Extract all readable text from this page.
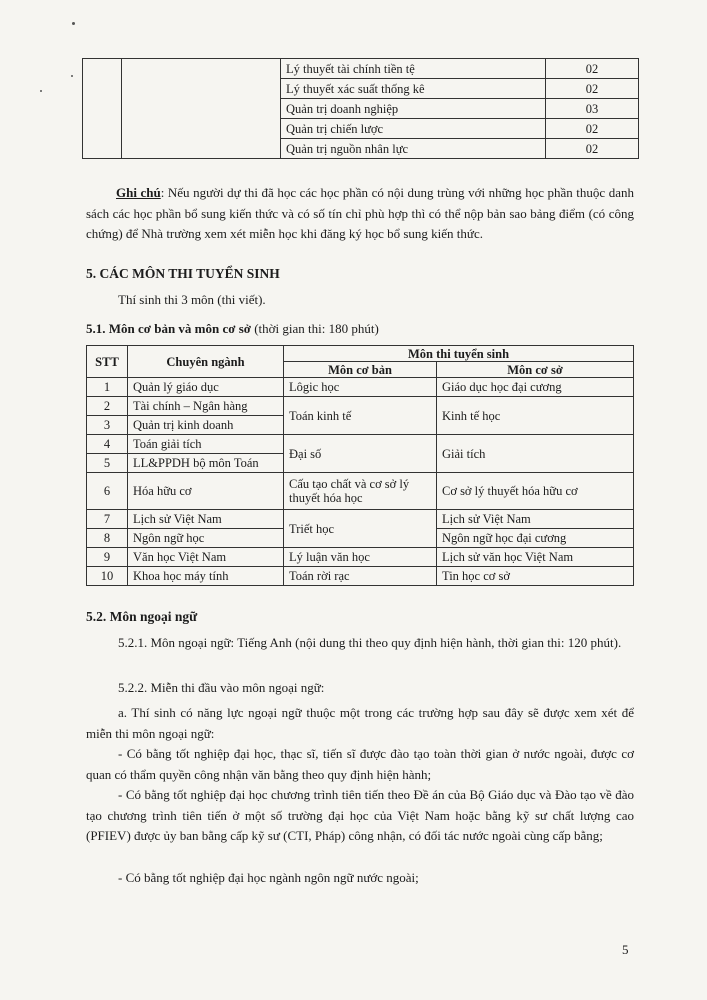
		Lý thuyết tài chính tiền tệ	02
		Lý thuyết xác suất thống kê	02
		Quản trị doanh nghiệp	03
		Quản trị chiến lược	02
		Quản trị nguồn nhân lực	02

Ghi chú: Nếu người dự thi đã học các học phần có nội dung trùng với những học phần thuộc danh sách các học phần bổ sung kiến thức và có số tín chỉ phù hợp thì có thể nộp bản sao bảng điểm (có công chứng) để Nhà trường xem xét miễn học khi đăng ký học bổ sung kiến thức.

5. CÁC MÔN THI TUYỂN SINH
Thí sinh thi 3 môn (thi viết).
5.1. Môn cơ bản và môn cơ sở (thời gian thi: 180 phút)
STT	Chuyên ngành	Môn thi tuyển sinh	
		Môn cơ bản	Môn cơ sở
1	Quản lý giáo dục	Lôgic học	Giáo dục học đại cương
2	Tài chính – Ngân hàng	Toán kinh tế	Kinh tế học
3	Quản trị kinh doanh		
4	Toán giải tích	Đại số	Giải tích
5	LL&PPDH bộ môn Toán		
6	Hóa hữu cơ	Cấu tạo chất và cơ sở lý thuyết hóa học	Cơ sở lý thuyết hóa hữu cơ
7	Lịch sử Việt Nam	Triết học	Lịch sử Việt Nam
8	Ngôn ngữ học		Ngôn ngữ học đại cương
9	Văn học Việt Nam	Lý luận văn học	Lịch sử văn học Việt Nam
10	Khoa học máy tính	Toán rời rạc	Tin học cơ sở
5.2. Môn ngoại ngữ

5.2.1. Môn ngoại ngữ: Tiếng Anh (nội dung thi theo quy định hiện hành, thời gian thi: 120 phút).

5.2.2. Miễn thi đầu vào môn ngoại ngữ:

a. Thí sinh có năng lực ngoại ngữ thuộc một trong các trường hợp sau đây sẽ được xem xét để miễn thi môn ngoại ngữ:

- Có bằng tốt nghiệp đại học, thạc sĩ, tiến sĩ được đào tạo toàn thời gian ở nước ngoài, được cơ quan có thẩm quyền công nhận văn bằng theo quy định hiện hành;

- Có bằng tốt nghiệp đại học chương trình tiên tiến theo Đề án của Bộ Giáo dục và Đào tạo về đào tạo chương trình tiên tiến ở một số trường đại học của Việt Nam hoặc bằng kỹ sư chất lượng cao (PFIEV) được ủy ban bằng cấp kỹ sư (CTI, Pháp) công nhận, có đối tác nước ngoài cùng cấp bằng;

- Có bằng tốt nghiệp đại học ngành ngôn ngữ nước ngoài;

5
